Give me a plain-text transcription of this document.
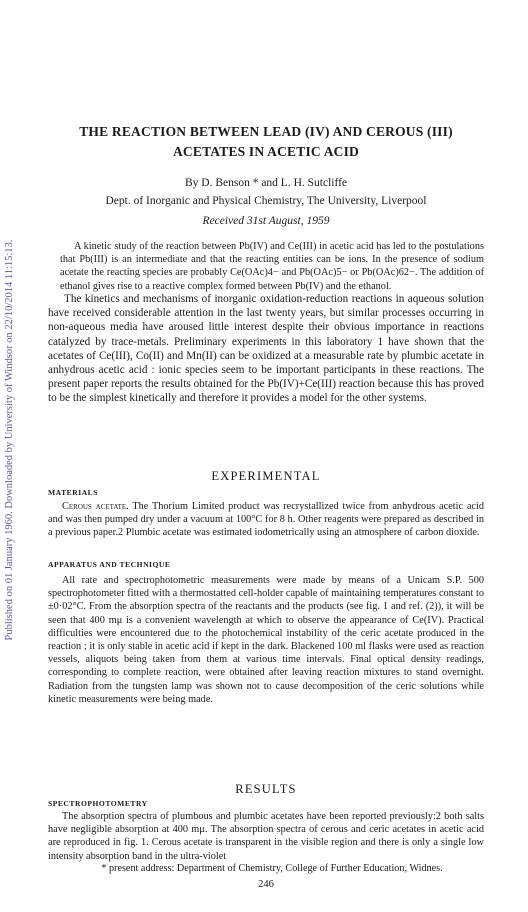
Published on 01 January 1960. Downloaded by University of Windsor on 22/10/2014 11:15:13.
THE REACTION BETWEEN LEAD (IV) AND CEROUS (III)
ACETATES IN ACETIC ACID
By D. Benson * and L. H. Sutcliffe
Dept. of Inorganic and Physical Chemistry, The University, Liverpool
Received 31st August, 1959
A kinetic study of the reaction between Pb(IV) and Ce(III) in acetic acid has led to the postulations that Pb(III) is an intermediate and that the reacting entities can be ions. In the presence of sodium acetate the reacting species are probably Ce(OAc)4− and Pb(OAc)5− or Pb(OAc)62−. The addition of ethanol gives rise to a reactive complex formed between Pb(IV) and the ethanol.
The kinetics and mechanisms of inorganic oxidation-reduction reactions in aqueous solution have received considerable attention in the last twenty years, but similar processes occurring in non-aqueous media have aroused little interest despite their obvious importance in reactions catalyzed by trace-metals. Preliminary experiments in this laboratory 1 have shown that the acetates of Ce(III), Co(II) and Mn(II) can be oxidized at a measurable rate by plumbic acetate in anhydrous acetic acid : ionic species seem to be important participants in these reactions. The present paper reports the results obtained for the Pb(IV)+Ce(III) reaction because this has proved to be the simplest kinetically and therefore it provides a model for the other systems.
EXPERIMENTAL
MATERIALS
Cerous acetate. The Thorium Limited product was recrystallized twice from anhydrous acetic acid and was then pumped dry under a vacuum at 100°C for 8 h. Other reagents were prepared as described in a previous paper.2 Plumbic acetate was estimated iodometrically using an atmosphere of carbon dioxide.
APPARATUS AND TECHNIQUE
All rate and spectrophotometric measurements were made by means of a Unicam S.P. 500 spectrophotometer fitted with a thermostatted cell-holder capable of maintaining temperatures constant to ±0·02°C. From the absorption spectra of the reactants and the products (see fig. 1 and ref. (2)), it will be seen that 400 mμ is a convenient wavelength at which to observe the appearance of Ce(IV). Practical difficulties were encountered due to the photochemical instability of the ceric acetate produced in the reaction ; it is only stable in acetic acid if kept in the dark. Blackened 100 ml flasks were used as reaction vessels, aliquots being taken from them at various time intervals. Final optical density readings, corresponding to complete reaction, were obtained after leaving reaction mixtures to stand overnight. Radiation from the tungsten lamp was shown not to cause decomposition of the ceric solutions while kinetic measurements were being made.
RESULTS
SPECTROPHOTOMETRY
The absorption spectra of plumbous and plumbic acetates have been reported previously:2 both salts have negligible absorption at 400 mμ. The absorption spectra of cerous and ceric acetates in acetic acid are reproduced in fig. 1. Cerous acetate is transparent in the visible region and there is only a single low intensity absorption band in the ultra-violet
* present address: Department of Chemistry, College of Further Education, Widnes.
246
